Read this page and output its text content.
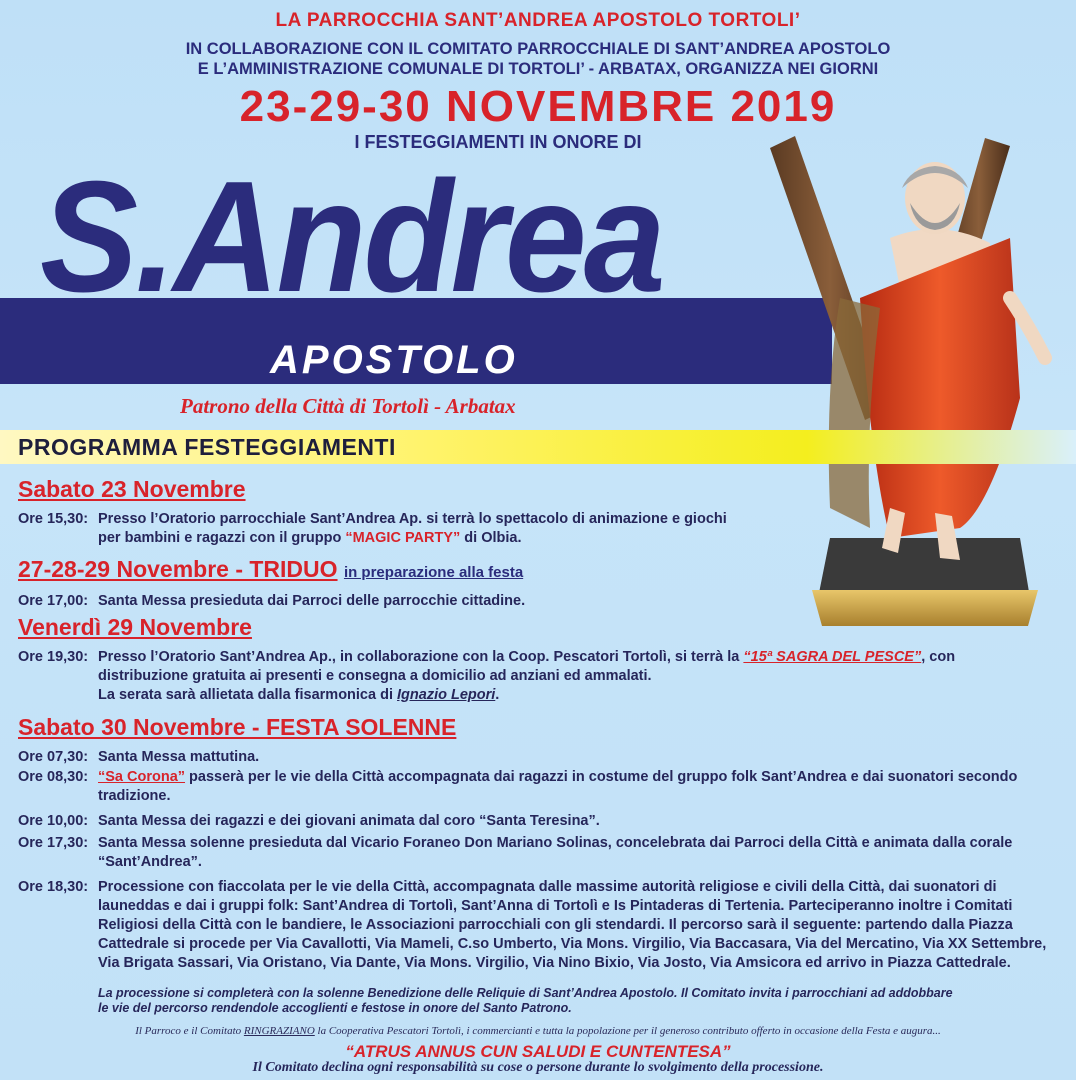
LA PARROCCHIA SANT’ANDREA APOSTOLO TORTOLI’
IN COLLABORAZIONE CON IL COMITATO PARROCCHIALE DI SANT’ANDREA APOSTOLO
E L’AMMINISTRAZIONE COMUNALE DI TORTOLI’ - ARBATAX, ORGANIZZA NEI GIORNI
23-29-30 NOVEMBRE 2019
I FESTEGGIAMENTI IN ONORE DI
S.Andrea
APOSTOLO
Patrono della Città di Tortolì - Arbatax
PROGRAMMA FESTEGGIAMENTI
Sabato 23 Novembre
Ore 15,30: Presso l’Oratorio parrocchiale Sant’Andrea Ap. si terrà lo spettacolo di animazione e giochi
per bambini e ragazzi con il gruppo “MAGIC PARTY” di Olbia.
27-28-29 Novembre - TRIDUO in preparazione alla festa
Ore 17,00: Santa Messa presieduta dai Parroci delle parrocchie cittadine.
Venerdì 29 Novembre
Ore 19,30: Presso l’Oratorio Sant’Andrea Ap., in collaborazione con la Coop. Pescatori Tortolì, si terrà la “15ª SAGRA DEL PESCE”, con
distribuzione gratuita ai presenti e consegna a domicilio ad anziani ed ammalati.
La serata sarà allietata dalla fisarmonica di Ignazio Lepori.
Sabato 30 Novembre - FESTA SOLENNE
Ore 07,30: Santa Messa mattutina.
Ore 08,30: “Sa Corona” passerà per le vie della Città accompagnata dai ragazzi in costume del gruppo folk Sant’Andrea e dai suonatori secondo
tradizione.
Ore 10,00: Santa Messa dei ragazzi e dei giovani animata dal coro “Santa Teresina”.
Ore 17,30: Santa Messa solenne presieduta dal Vicario Foraneo Don Mariano Solinas, concelebrata dai Parroci della Città e animata dalla corale
“Sant’Andrea”.
Ore 18,30: Processione con fiaccolata per le vie della Città, accompagnata dalle massime autorità religiose e civili della Città, dai suonatori di
launeddas e dai i gruppi folk: Sant’Andrea di Tortolì, Sant’Anna di Tortolì e Is Pintaderas di Tertenia. Parteciperanno inoltre i Comitati
Religiosi della Città con le bandiere, le Associazioni parrocchiali con gli stendardi. Il percorso sarà il seguente: partendo dalla Piazza
Cattedrale si procede per Via Cavallotti, Via Mameli, C.so Umberto, Via Mons. Virgilio, Via Baccasara, Via del Mercatino, Via XX Settembre,
Via Brigata Sassari, Via Oristano, Via Dante, Via Mons. Virgilio, Via Nino Bixio, Via Josto, Via Amsicora ed arrivo in Piazza Cattedrale.
La processione si completerà con la solenne Benedizione delle Reliquie di Sant’Andrea Apostolo. Il Comitato invita i parrocchiani ad addobbare
le vie del percorso rendendole accoglienti e festose in onore del Santo Patrono.
Il Parroco e il Comitato RINGRAZIANO la Cooperativa Pescatori Tortolì, i commercianti e tutta la popolazione per il generoso contributo offerto in occasione della Festa e augura...
“ATRUS ANNUS CUN SALUDI E CUNTENTESA”
Il Comitato declina ogni responsabilità su cose o persone durante lo svolgimento della processione.
